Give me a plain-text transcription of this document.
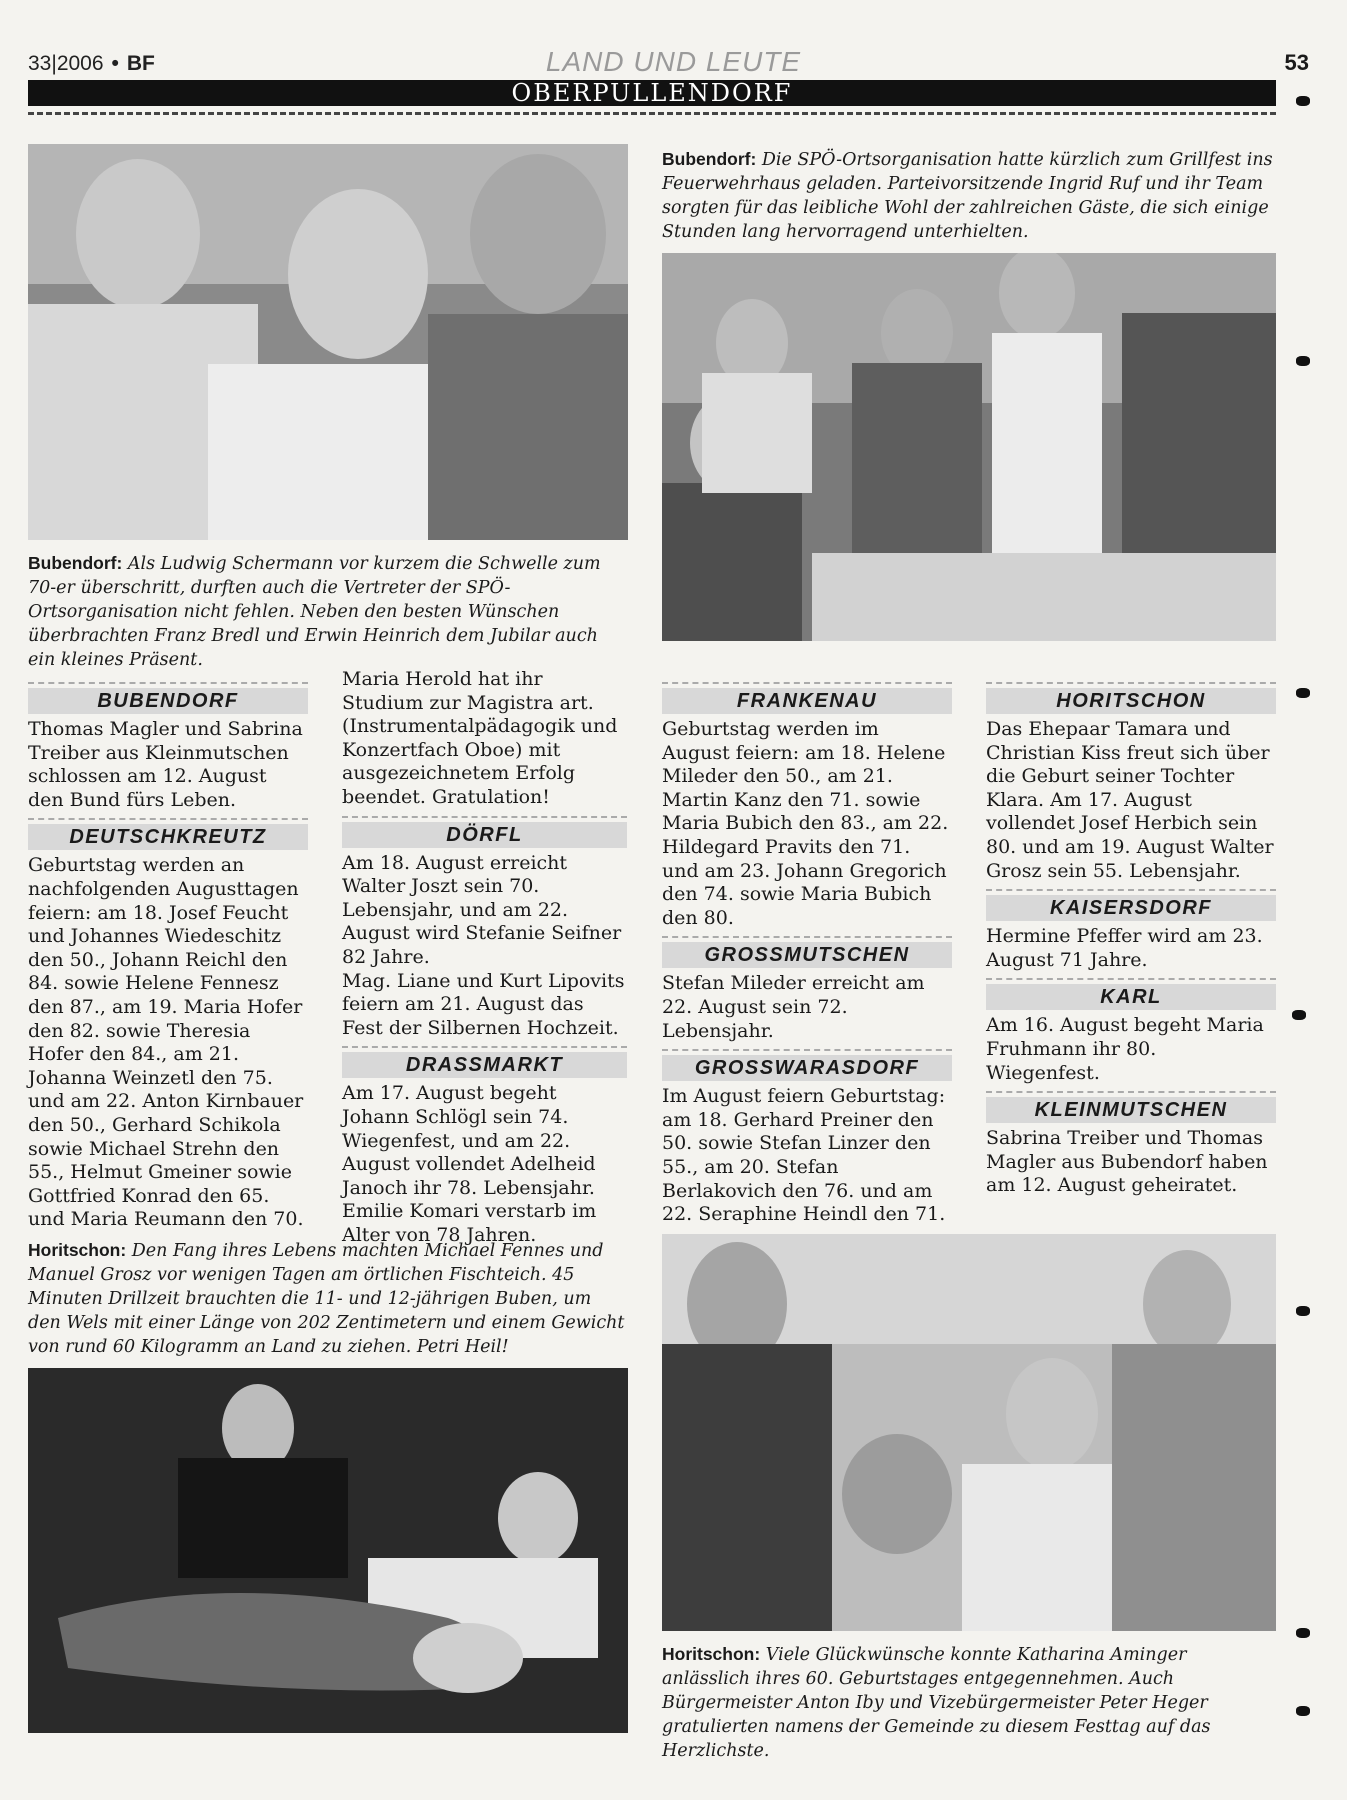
33|2006 • BF	LAND UND LEUTE	53
OBERPULLENDORF
Bubendorf: Als Ludwig Schermann vor kurzem die Schwelle zum 70-er überschritt, durften auch die Vertreter der SPÖ-Ortsorganisation nicht fehlen. Neben den besten Wünschen überbrachten Franz Bredl und Erwin Heinrich dem Jubilar auch ein kleines Präsent.
Bubendorf: Die SPÖ-Ortsorganisation hatte kürzlich zum Grillfest ins Feuerwehrhaus geladen. Parteivorsitzende Ingrid Ruf und ihr Team sorgten für das leibliche Wohl der zahlreichen Gäste, die sich einige Stunden lang hervorragend unterhielten.
BUBENDORF

Thomas Magler und Sabrina Treiber aus Kleinmutschen schlossen am 12. August den Bund fürs Leben.

DEUTSCHKREUTZ

Geburtstag werden an nachfolgenden Augusttagen feiern: am 18. Josef Feucht und Johannes Wiedeschitz den 50., Johann Reichl den 84. sowie Helene Fennesz den 87., am 19. Maria Hofer den 82. sowie Theresia Hofer den 84., am 21. Johanna Weinzetl den 75. und am 22. Anton Kirnbauer den 50., Gerhard Schikola sowie Michael Strehn den 55., Helmut Gmeiner sowie Gottfried Konrad den 65. und Maria Reumann den 70.

Maria Herold hat ihr Studium zur Magistra art. (Instrumentalpädagogik und Konzertfach Oboe) mit ausgezeichnetem Erfolg beendet. Gratulation!

DÖRFL

Am 18. August erreicht Walter Joszt sein 70. Lebensjahr, und am 22. August wird Stefanie Seifner 82 Jahre.

Mag. Liane und Kurt Lipovits feiern am 21. August das Fest der Silbernen Hochzeit.

DRASSMARKT

Am 17. August begeht Johann Schlögl sein 74. Wiegenfest, und am 22. August vollendet Adelheid Janoch ihr 78. Lebensjahr.

Emilie Komari verstarb im Alter von 78 Jahren.

FRANKENAU

Geburtstag werden im August feiern: am 18. Helene Mileder den 50., am 21. Martin Kanz den 71. sowie Maria Bubich den 83., am 22. Hildegard Pravits den 71. und am 23. Johann Gregorich den 74. sowie Maria Bubich den 80.

GROSSMUTSCHEN

Stefan Mileder erreicht am 22. August sein 72. Lebensjahr.

GROSSWARASDORF

Im August feiern Geburtstag: am 18. Gerhard Preiner den 50. sowie Stefan Linzer den 55., am 20. Stefan Berlakovich den 76. und am 22. Seraphine Heindl den 71.

HORITSCHON

Das Ehepaar Tamara und Christian Kiss freut sich über die Geburt seiner Tochter Klara. Am 17. August vollendet Josef Herbich sein 80. und am 19. August Walter Grosz sein 55. Lebensjahr.

KAISERSDORF

Hermine Pfeffer wird am 23. August 71 Jahre.

KARL

Am 16. August begeht Maria Fruhmann ihr 80. Wiegenfest.

KLEINMUTSCHEN

Sabrina Treiber und Thomas Magler aus Bubendorf haben am 12. August geheiratet.

Horitschon: Den Fang ihres Lebens machten Michael Fennes und Manuel Grosz vor wenigen Tagen am örtlichen Fischteich. 45 Minuten Drillzeit brauchten die 11- und 12-jährigen Buben, um den Wels mit einer Länge von 202 Zentimetern und einem Gewicht von rund 60 Kilogramm an Land zu ziehen. Petri Heil!
Horitschon: Viele Glückwünsche konnte Katharina Aminger anlässlich ihres 60. Geburtstages entgegennehmen. Auch Bürgermeister Anton Iby und Vizebürgermeister Peter Heger gratulierten namens der Gemeinde zu diesem Festtag auf das Herzlichste.
